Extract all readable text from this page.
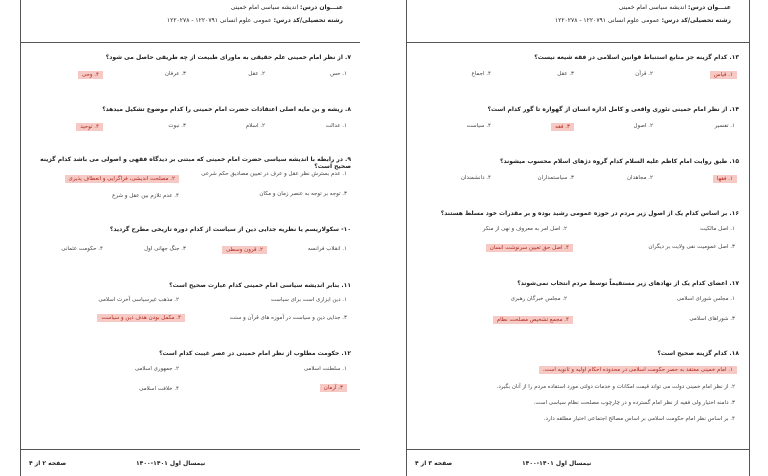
عنـــوان درس: اندیشه سیاسی امام خمینی
رشته تحصیلی/کد درس: عمومی علوم انسانی ۱۲۲۰۷۹۱ - ۱۲۲۰۲۷۸
۷. از نظر امام خمینی علم حقیقی به ماورای طبیعت از چه طریقی حاصل می شود؟
۱. حس
۲. عقل
۳. عرفان
۴. وحی
۸. ریشه و بن مایه اصلی اعتقادات حضرت امام خمینی را کدام موضوع تشکیل میدهد؟
۱. عدالت
۲. اسلام
۳. نبوت
۴. توحید
۹. در رابطه با اندیشه سیاسی حضرت امام خمینی که مبتنی بر دیدگاه فقهی و اصولی می باشد کدام گزینه صحیح است؟
۱. عدم بسترش نظر عقل و عرف در تعیین مصادیق حکم شرعی
۲. مصلحت اندیشی، فراگرایی و انعطاف پذیری
۳. توجه بر توجه به عنصر زمان و مکان
۴. عدم تلازم بین عقل و شرع
۱۰- سکولاریسم یا نظریه جدایی دین از سیاست از کدام دوره تاریخی مطرح گردید؟
۱. انقلاب فرانسه
۲. قرون وسطی
۳. جنگ جهانی اول
۴. حکومت عثمانی
۱۱. بنابر اندیشه سیاسی امام خمینی کدام عبارت صحیح است؟
۱. دین ابزاری است برای سیاست
۲. مذهب غیرسیاسی آخرت اسلامی
۳. جدایی دین و سیاست در آموزه های قرآن و سنت
۴. مکمل بودن هدف دین و سیاست
۱۲. حکومت مطلوب از نظر امام خمینی در عصر غیبت کدام است؟
۱. سلطنت اسلامی
۲. جمهوری اسلامی
۳. آرمان
۴. خلافت اسلامی
صفحه ۲ از ۴	نیمسال اول ۱۴۰۱-۱۴۰۰
عنـــوان درس: اندیشه سیاسی امام خمینی
رشته تحصیلی/کد درس: عمومی علوم انسانی ۱۲۲۰۷۹۱ - ۱۲۲۰۲۷۸
۱۳. کدام گزینه جز منابع استنباط قوانین اسلامی در فقه شیعه نیست؟
۱. قیاس
۲. قرآن
۳. عقل
۴. اجماع
۱۴. از نظر امام خمینی تئوری واقعی و کامل اداره انسان از گهواره تا گور کدام است؟
۱. تفسیر
۲. اصول
۳. فقه
۴. سیاست
۱۵. طبق روایت امام کاظم علیه السلام کدام گروه دژهای اسلام محسوب میشوند؟
۱. فقها
۲. مجاهدان
۳. سیاستمداران
۴. دانشمندان
۱۶. بر اساس کدام یک از اصول زیر مردم در حوزه عمومی رشید بوده و بر مقدرات خود مسلط هستند؟
۱. اصل مالکیت
۲. اصل امر به معروف و نهی از منکر
۳. اصل عمومیت نفی ولایت بر دیگران
۴. اصل حق تعیین سرنوشت انسان
۱۷. اعضای کدام یک از نهادهای زیر مستقیماً توسط مردم انتخاب نمی‌شوند؟
۱. مجلس شورای اسلامی
۲. مجلس خبرگان رهبری
۳. شوراهای اسلامی
۴. مجمع تشخیص مصلحت نظام
۱۸. کدام گزینه صحیح است؟
۱. امام خمینی معتقد به حصر حکومت اسلامی در محدوده احکام اولیه و ثانویه است.
۲. از نظر امام خمینی دولت می تواند قیمت امکانات و خدمات دولتی مورد استفاده مردم را از آنان بگیرد.
۳. دامنه اختیار ولی فقیه از نظر امام گسترده و در چارچوب مصلحت نظام سیاسی است.
۴. بر اساس نظر امام حکومت اسلامی بر اساس مصالح اجتماعی اختیار مطلقه دارد.
صفحه ۳ از ۴	نیمسال اول ۱۴۰۱-۱۴۰۰
